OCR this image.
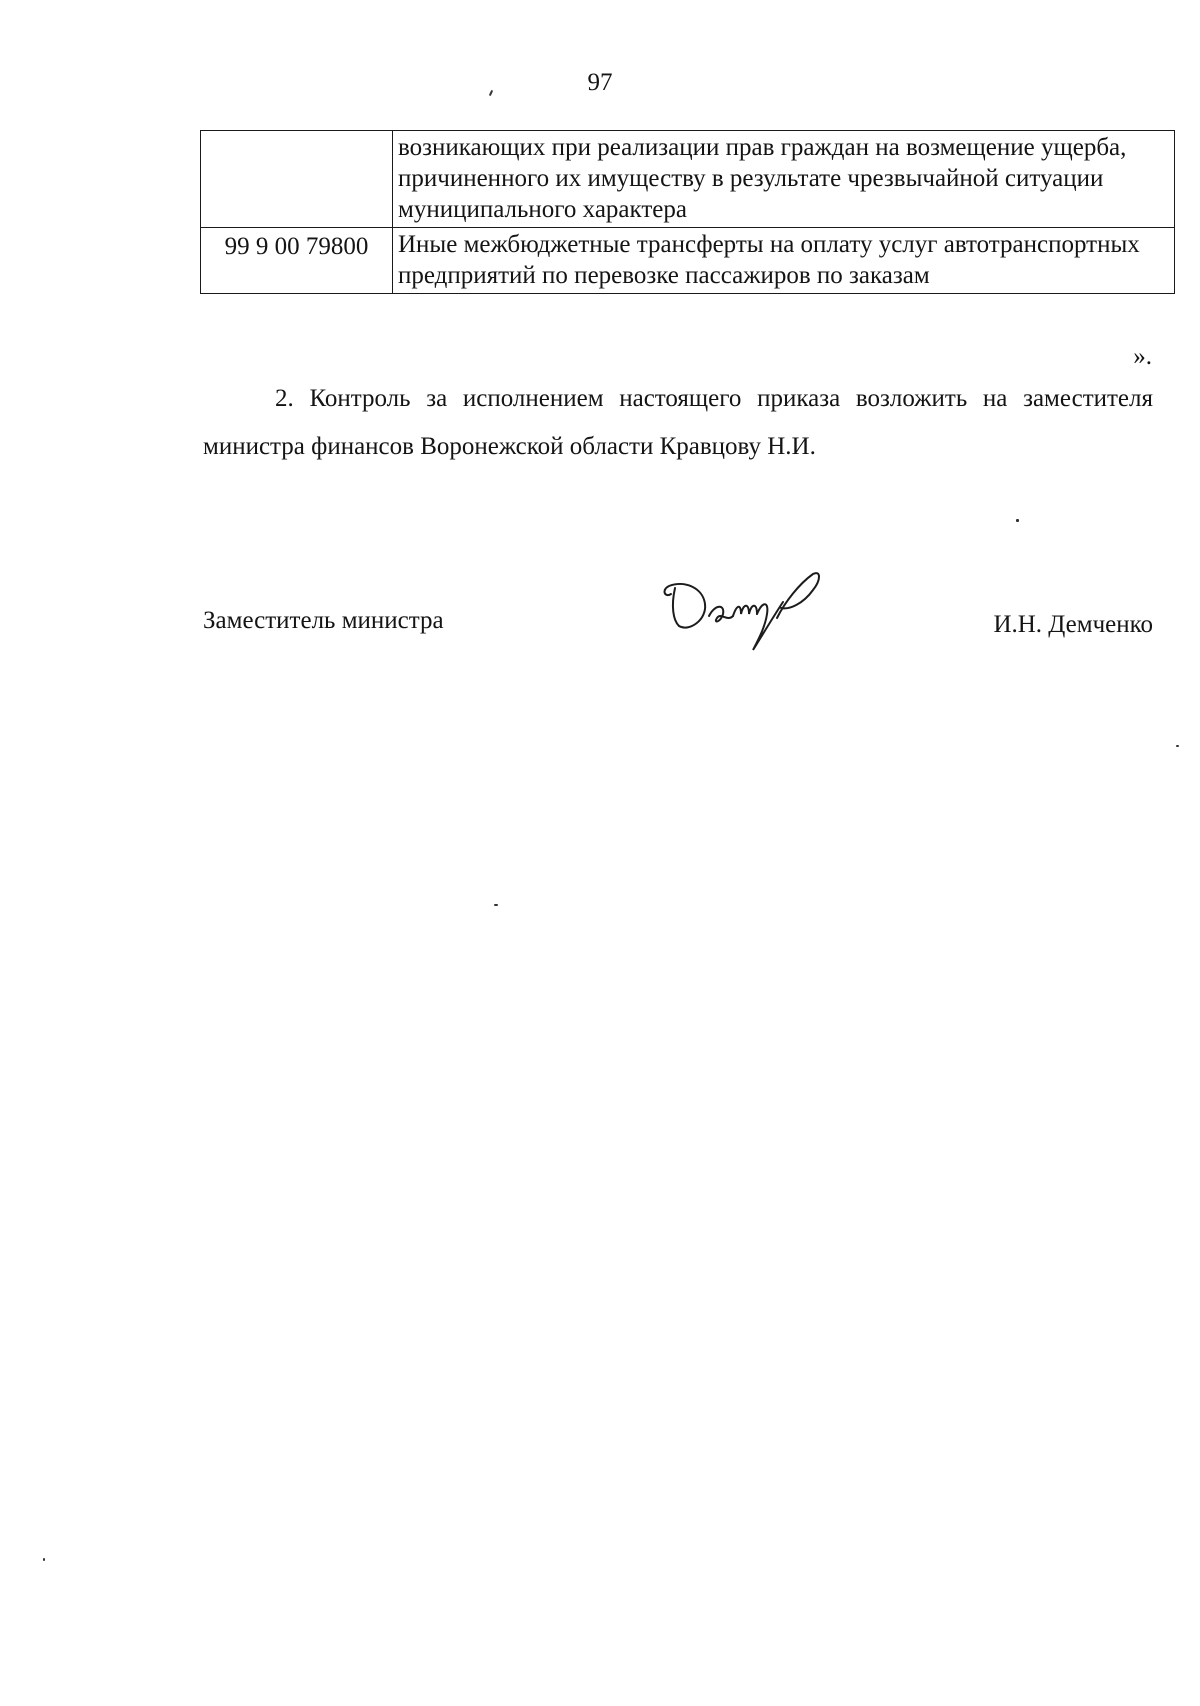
97
	возникающих при реализации прав граждан на возмещение ущерба, причиненного их имуществу в результате чрезвычайной ситуации муниципального характера
99 9 00 79800	Иные межбюджетные трансферты на оплату услуг автотранспортных предприятий по перевозке пассажиров по заказам
».
2. Контроль за исполнением настоящего приказа возложить на заместителя министра финансов Воронежской области Кравцову Н.И.
Заместитель министра	И.Н. Демченко
